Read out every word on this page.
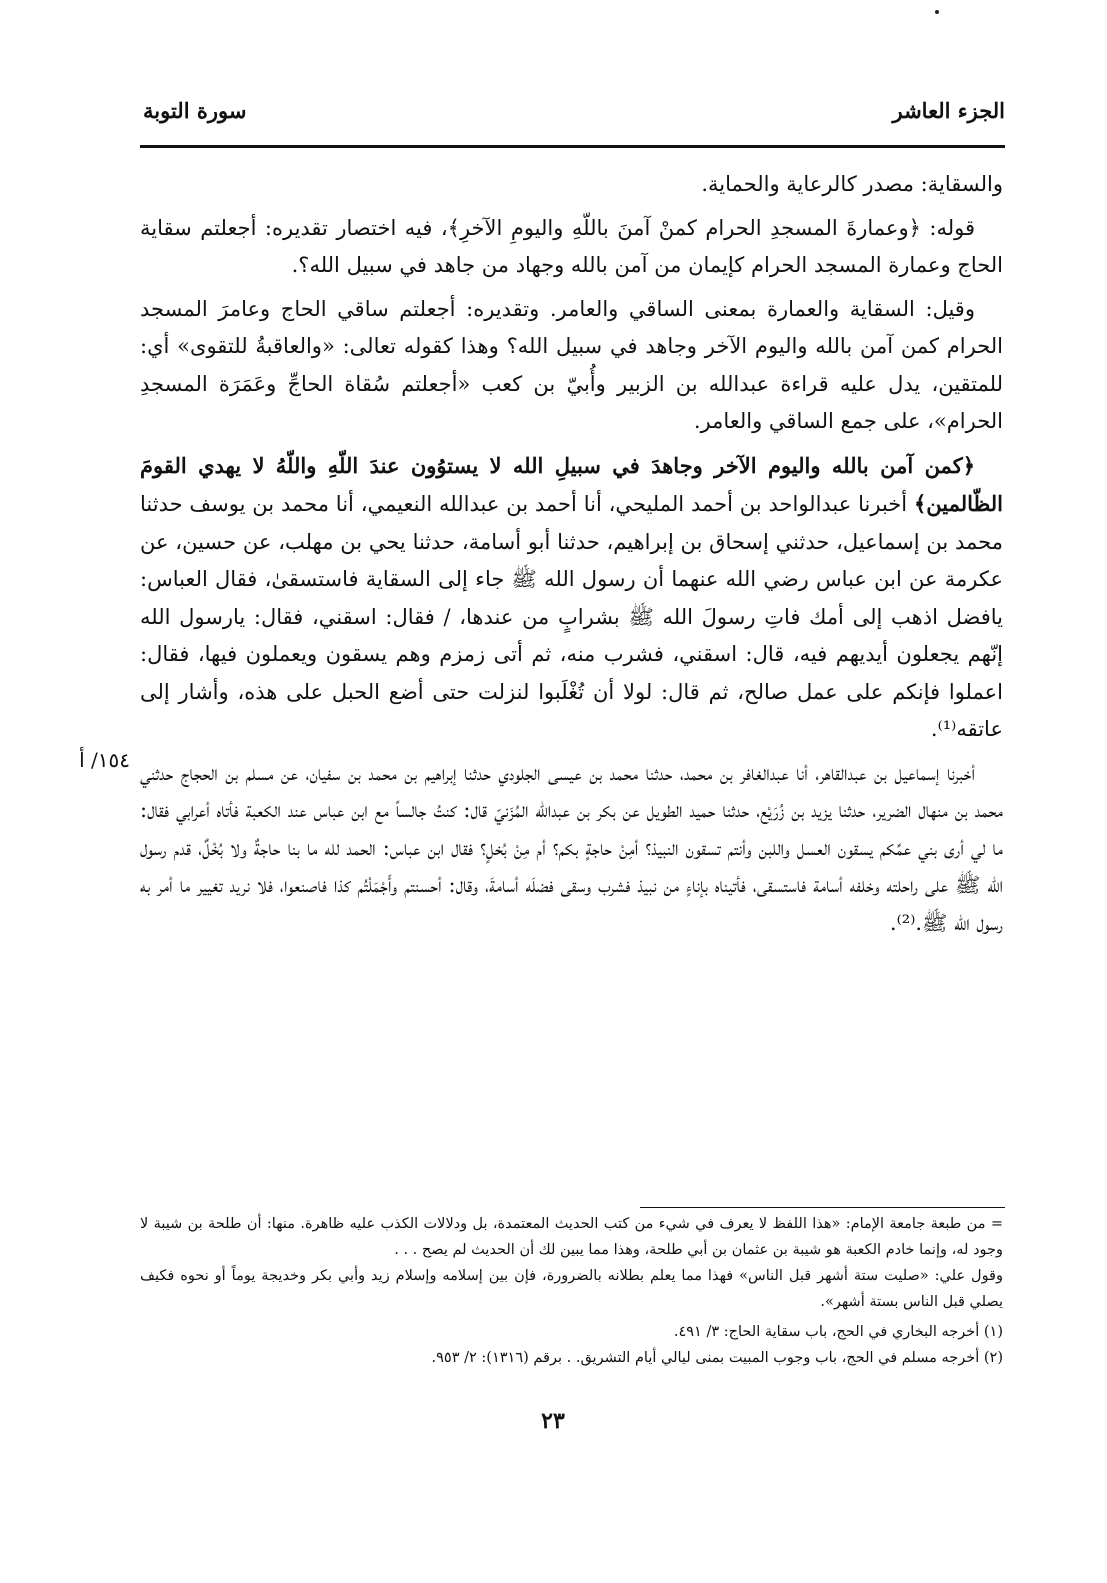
الجزء العاشر
سورة التوبة

والسقاية: مصدر كالرعاية والحماية.

قوله: ﴿وعمارةَ المسجدِ الحرام كمنْ آمنَ باللّهِ واليومِ الآخرِ﴾، فيه اختصار تقديره: أجعلتم سقاية الحاج وعمارة المسجد الحرام كإيمان من آمن بالله وجهاد من جاهد في سبيل الله؟.

وقيل: السقاية والعمارة بمعنى الساقي والعامر. وتقديره: أجعلتم ساقي الحاج وعامرَ المسجد الحرام كمن آمن بالله واليوم الآخر وجاهد في سبيل الله؟ وهذا كقوله تعالى: «والعاقبةُ للتقوى» أي: للمتقين، يدل عليه قراءة عبدالله بن الزبير وأُبيّ بن كعب «أجعلتم سُقاة الحاجِّ وعَمَرَة المسجدِ الحرام»، على جمع الساقي والعامر.

﴿كمن آمن بالله واليوم الآخر وجاهدَ في سبيلِ الله لا يستوُون عندَ اللّهِ واللّهُ لا يهدي القومَ الظّالمين﴾ أخبرنا عبدالواحد بن أحمد المليحي، أنا أحمد بن عبدالله النعيمي، أنا محمد بن يوسف حدثنا محمد بن إسماعيل، حدثني إسحاق بن إبراهيم، حدثنا أبو أسامة، حدثنا يحي بن مهلب، عن حسين، عن عكرمة عن ابن عباس رضي الله عنهما أن رسول الله ﷺ جاء إلى السقاية فاستسقىٰ، فقال العباس: يافضل اذهب إلى أمك فاتِ رسولَ الله ﷺ بشرابٍ من عندها، / فقال: اسقني، فقال: يارسول الله إنّهم يجعلون أيديهم فيه، قال: اسقني، فشرب منه، ثم أتى زمزم وهم يسقون ويعملون فيها، فقال: اعملوا فإنكم على عمل صالح، ثم قال: لولا أن تُغْلَبوا لنزلت حتى أضع الحبل على هذه، وأشار إلى عاتقه⁽¹⁾.

أخبرنا إسماعيل بن عبدالقاهر، أنا عبدالغافر بن محمد، حدثنا محمد بن عيسى الجلودي حدثنا إبراهيم بن محمد بن سفيان، عن مسلم بن الحجاج حدثني محمد بن منهال الضرير، حدثنا يزيد بن زُرَيْع، حدثنا حميد الطويل عن بكر بن عبدالله المُزَنيّ قال: كنتُ جالساً مع ابن عباس عند الكعبة فأتاه أعرابي فقال: ما لي أرى بني عمِّكم يسقون العسل واللبن وأنتم تسقون النبيذ؟ أمِنْ حاجةٍ بكم؟ أم مِنْ بُخلٍ؟ فقال ابن عباس: الحمد لله ما بنا حاجةٌ ولا بُخْلٌ، قدم رسول الله ﷺ على راحلته وخلفه أسامة فاستسقى، فأتيناه بإناءٍ من نبيذ فشرب وسقى فضلَه أسامةَ، وقال: أحسنتم وأَجْمَلْتُم كذا فاصنعوا، فلا نريد تغيير ما أمر به رسول الله ﷺ.⁽²⁾.

١٥٤/ أ

= من طبعة جامعة الإمام: «هذا اللفظ لا يعرف في شيء من كتب الحديث المعتمدة، بل ودلالات الكذب عليه ظاهرة. منها: أن طلحة بن شيبة لا وجود له، وإنما خادم الكعبة هو شيبة بن عثمان بن أبي طلحة، وهذا مما يبين لك أن الحديث لم يصح . . .

وقول علي: «صليت ستة أشهر قبل الناس» فهذا مما يعلم بطلانه بالضرورة، فإن بين إسلامه وإسلام زيد وأبي بكر وخديجة يوماً أو نحوه فكيف يصلي قبل الناس بستة أشهر».

(١) أخرجه البخاري في الحج، باب سقاية الحاج: ٣/ ٤٩١.

(٢) أخرجه مسلم في الحج، باب وجوب المبيت بمنى ليالي أيام التشريق. . برقم (١٣١٦): ٢/ ٩٥٣.

٢٣
